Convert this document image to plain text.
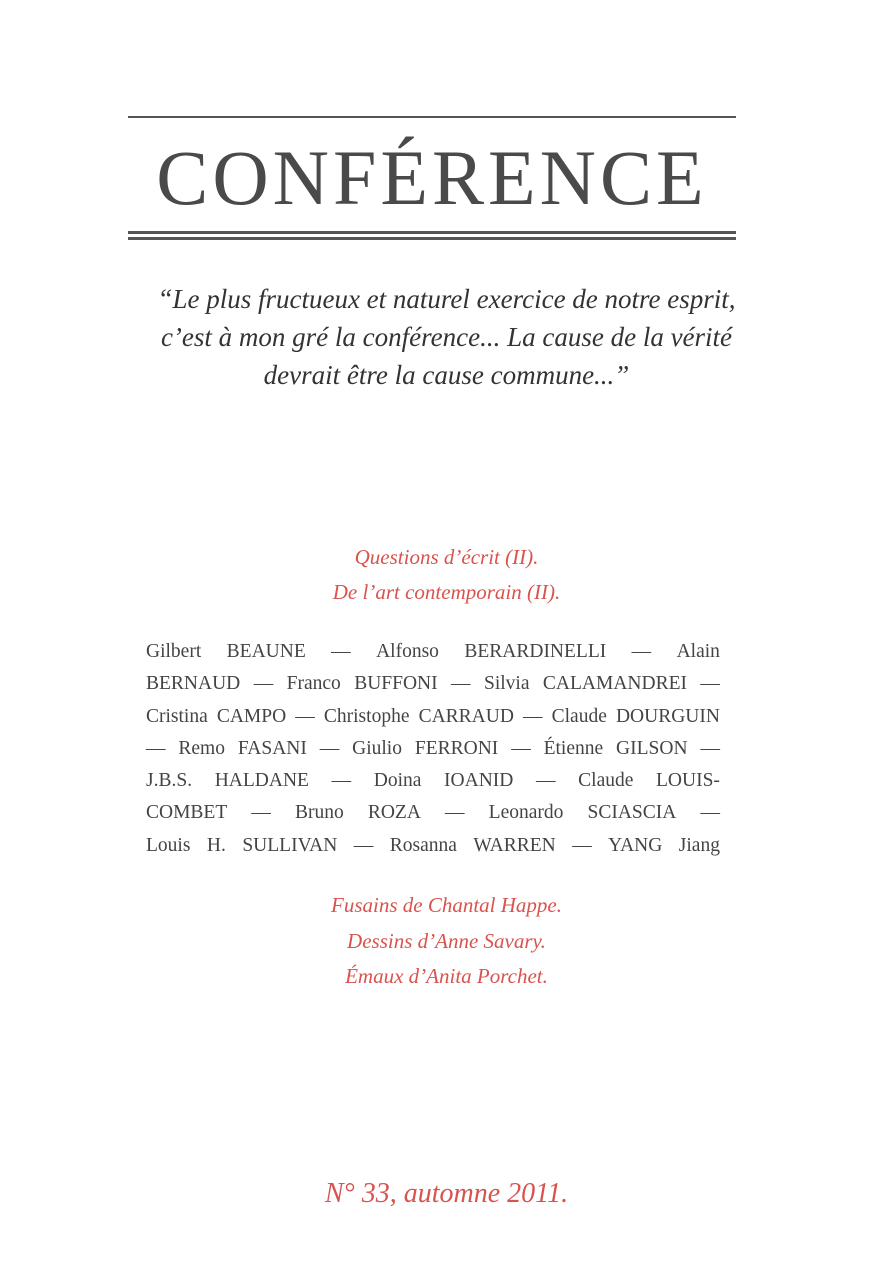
CONFÉRENCE
“Le plus fructueux et naturel exercice de notre esprit,
c’est à mon gré la conférence... La cause de la vérité
devrait être la cause commune...”
Questions d’écrit (II).
De l’art contemporain (II).
Gilbert BEAUNE — Alfonso BERARDINELLI — Alain
BERNAUD — Franco BUFFONI — Silvia CALAMANDREI —
Cristina CAMPO — Christophe CARRAUD — Claude DOURGUIN
— Remo FASANI — Giulio FERRONI — Étienne GILSON —
J.B.S. HALDANE — Doina IOANID — Claude LOUIS-
COMBET — Bruno ROZA — Leonardo SCIASCIA —
Louis H. SULLIVAN — Rosanna WARREN — YANG Jiang
Fusains de Chantal Happe.
Dessins d’Anne Savary.
Émaux d’Anita Porchet.
N° 33, automne 2011.
